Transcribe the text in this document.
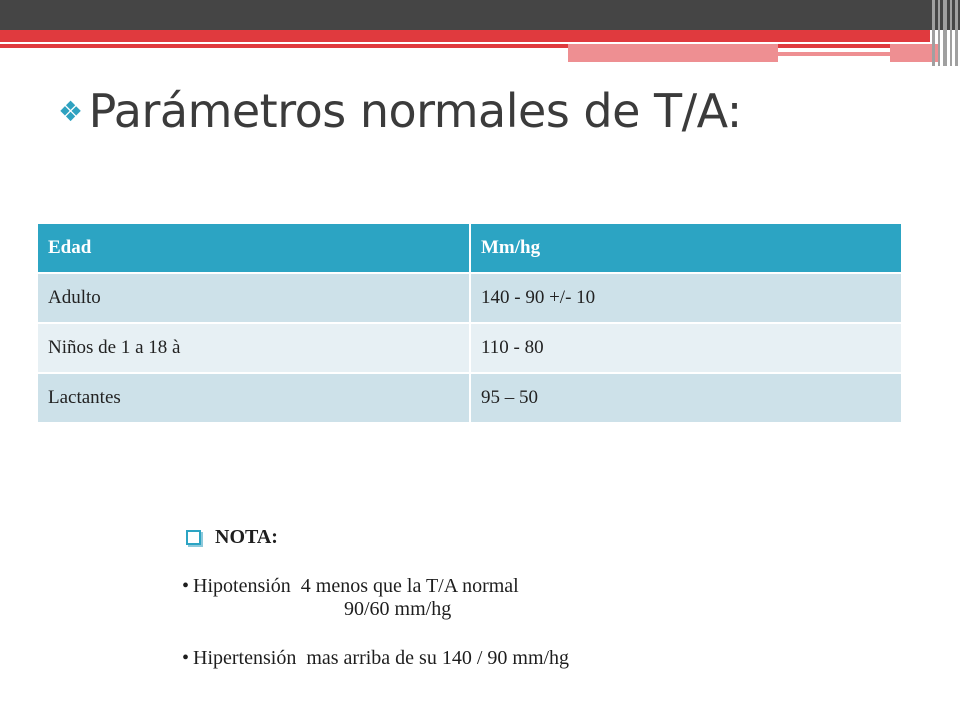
❖ Parámetros normales de T/A:
Edad	Mm/hg
Adulto	140 - 90 +/- 10
Niños de 1 a 18 à	110 - 80
Lactantes	95 – 50
NOTA:
• Hipotensión  4 menos que la T/A normal
90/60 mm/hg
• Hipertensión  mas arriba de su 140 / 90 mm/hg
